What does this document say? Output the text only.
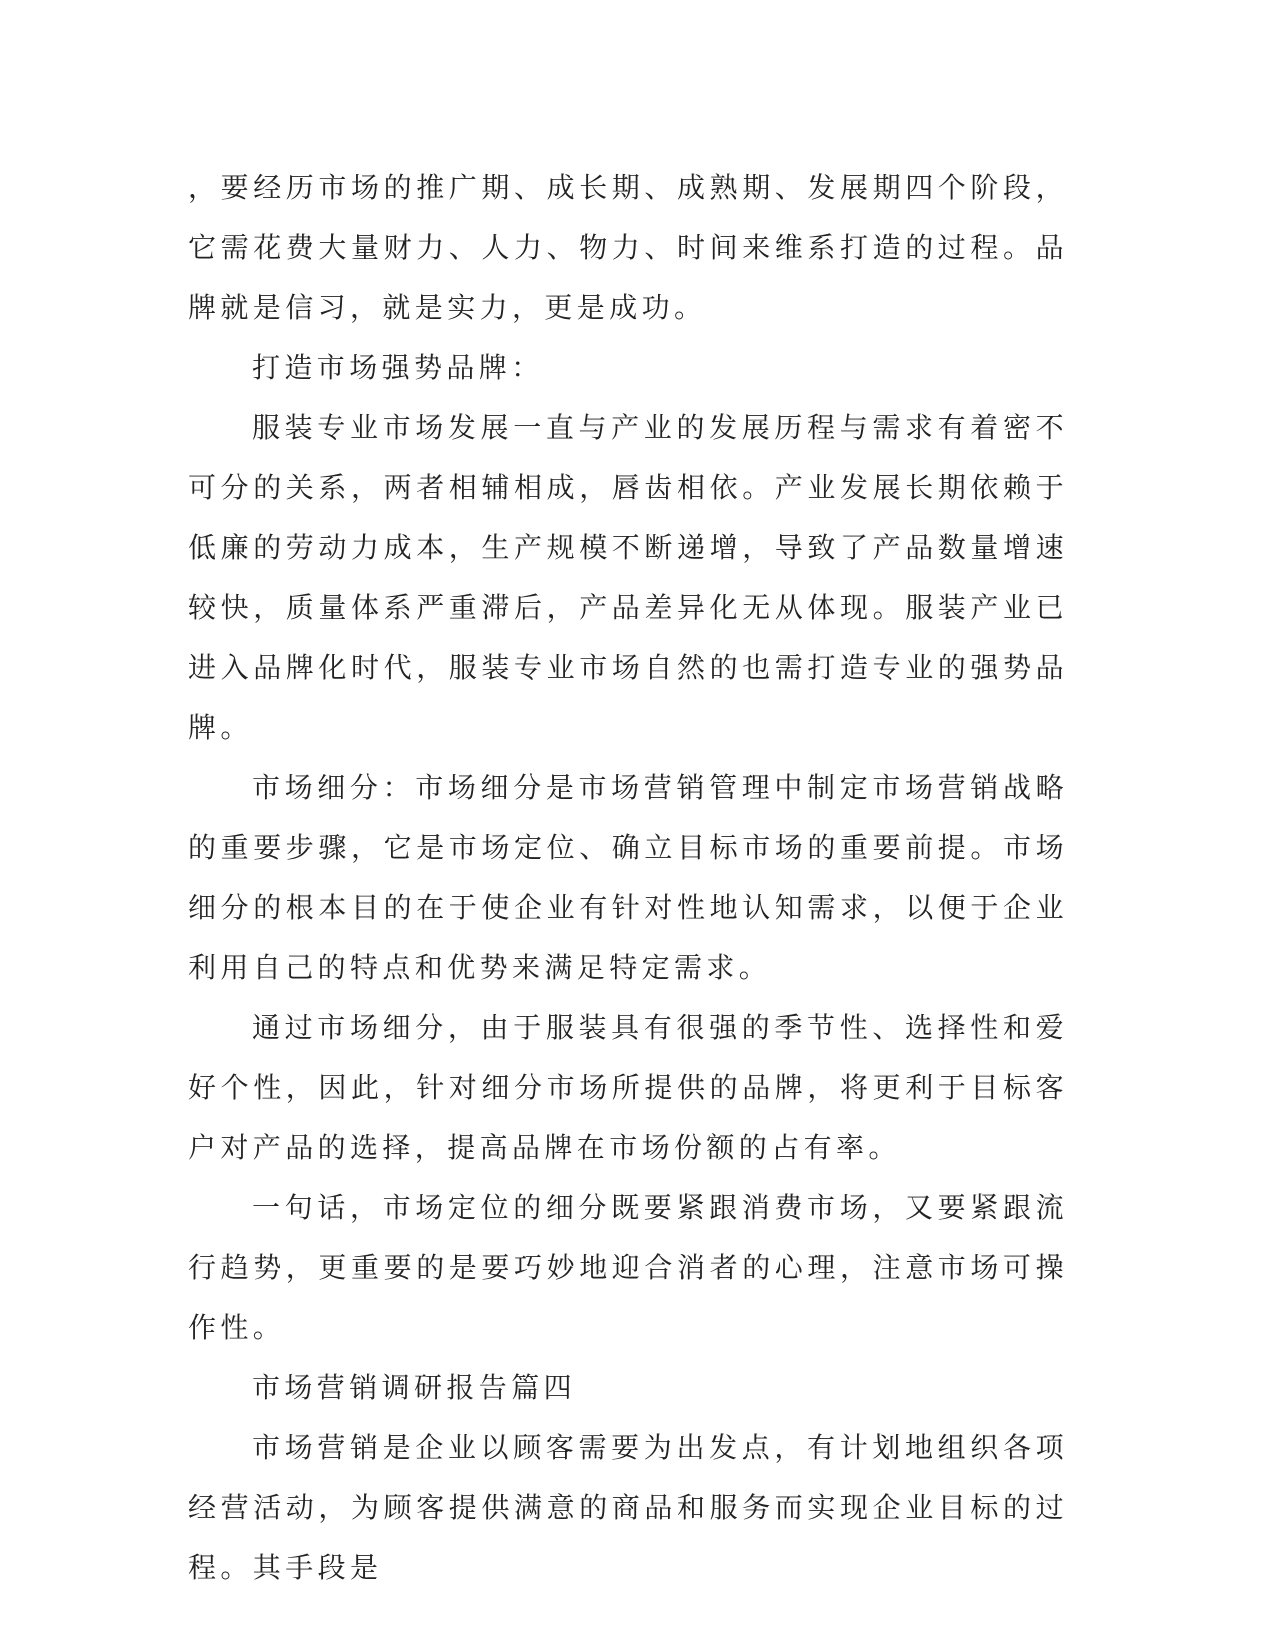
，要经历市场的推广期、成长期、成熟期、发展期四个阶段，它需花费大量财力、人力、物力、时间来维系打造的过程。品牌就是信习，就是实力，更是成功。

打造市场强势品牌：

服装专业市场发展一直与产业的发展历程与需求有着密不可分的关系，两者相辅相成，唇齿相依。产业发展长期依赖于低廉的劳动力成本，生产规模不断递增，导致了产品数量增速较快，质量体系严重滞后，产品差异化无从体现。服装产业已进入品牌化时代，服装专业市场自然的也需打造专业的强势品牌。

市场细分：市场细分是市场营销管理中制定市场营销战略的重要步骤，它是市场定位、确立目标市场的重要前提。市场细分的根本目的在于使企业有针对性地认知需求，以便于企业利用自己的特点和优势来满足特定需求。

通过市场细分，由于服装具有很强的季节性、选择性和爱好个性，因此，针对细分市场所提供的品牌，将更利于目标客户对产品的选择，提高品牌在市场份额的占有率。

一句话，市场定位的细分既要紧跟消费市场，又要紧跟流行趋势，更重要的是要巧妙地迎合消者的心理，注意市场可操作性。

市场营销调研报告篇四

市场营销是企业以顾客需要为出发点，有计划地组织各项经营活动，为顾客提供满意的商品和服务而实现企业目标的过程。其手段是
